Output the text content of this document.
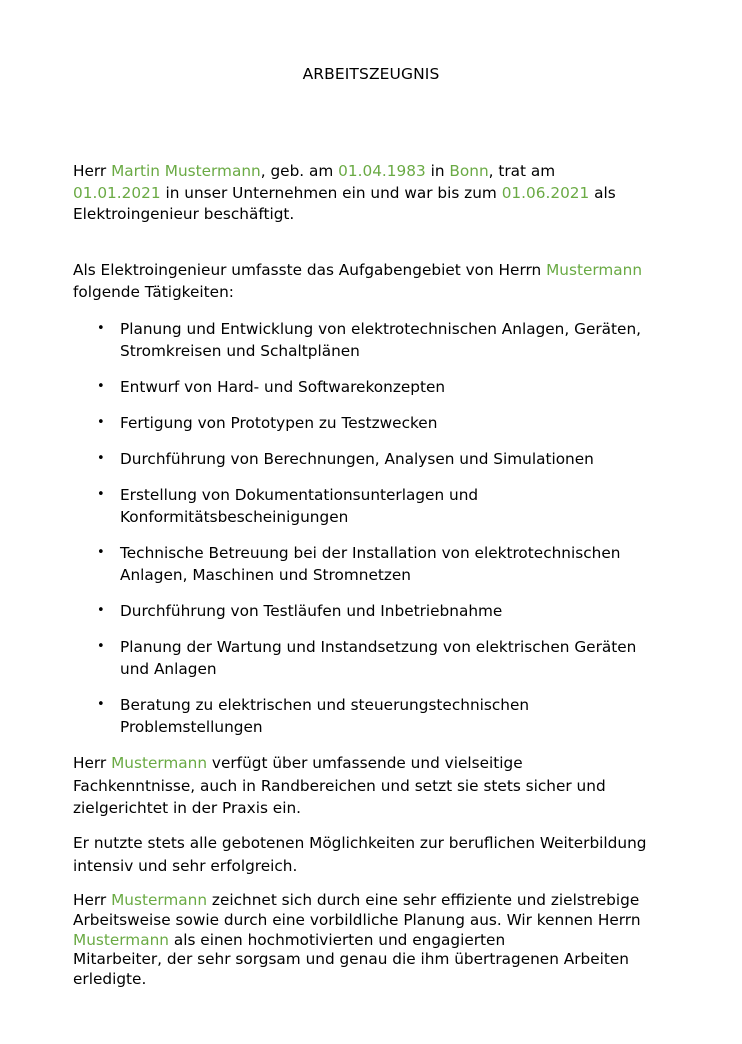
ARBEITSZEUGNIS
Herr Martin Mustermann, geb. am 01.04.1983 in Bonn, trat am
01.01.2021 in unser Unternehmen ein und war bis zum 01.06.2021 als
Elektroingenieur beschäftigt.
Als Elektroingenieur umfasste das Aufgabengebiet von Herrn Mustermann
folgende Tätigkeiten:
• Planung und Entwicklung von elektrotechnischen Anlagen, Geräten,
Stromkreisen und Schaltplänen
• Entwurf von Hard- und Softwarekonzepten
• Fertigung von Prototypen zu Testzwecken
• Durchführung von Berechnungen, Analysen und Simulationen
• Erstellung von Dokumentationsunterlagen und
Konformitätsbescheinigungen
• Technische Betreuung bei der Installation von elektrotechnischen
Anlagen, Maschinen und Stromnetzen
• Durchführung von Testläufen und Inbetriebnahme
• Planung der Wartung und Instandsetzung von elektrischen Geräten
und Anlagen
• Beratung zu elektrischen und steuerungstechnischen
Problemstellungen
Herr Mustermann verfügt über umfassende und vielseitige
Fachkenntnisse, auch in Randbereichen und setzt sie stets sicher und
zielgerichtet in der Praxis ein.
Er nutzte stets alle gebotenen Möglichkeiten zur beruflichen Weiterbildung
intensiv und sehr erfolgreich.
Herr Mustermann zeichnet sich durch eine sehr effiziente und zielstrebige
Arbeitsweise sowie durch eine vorbildliche Planung aus. Wir kennen Herrn
Mustermann als einen hochmotivierten und engagierten
Mitarbeiter, der sehr sorgsam und genau die ihm übertragenen Arbeiten
erledigte.
